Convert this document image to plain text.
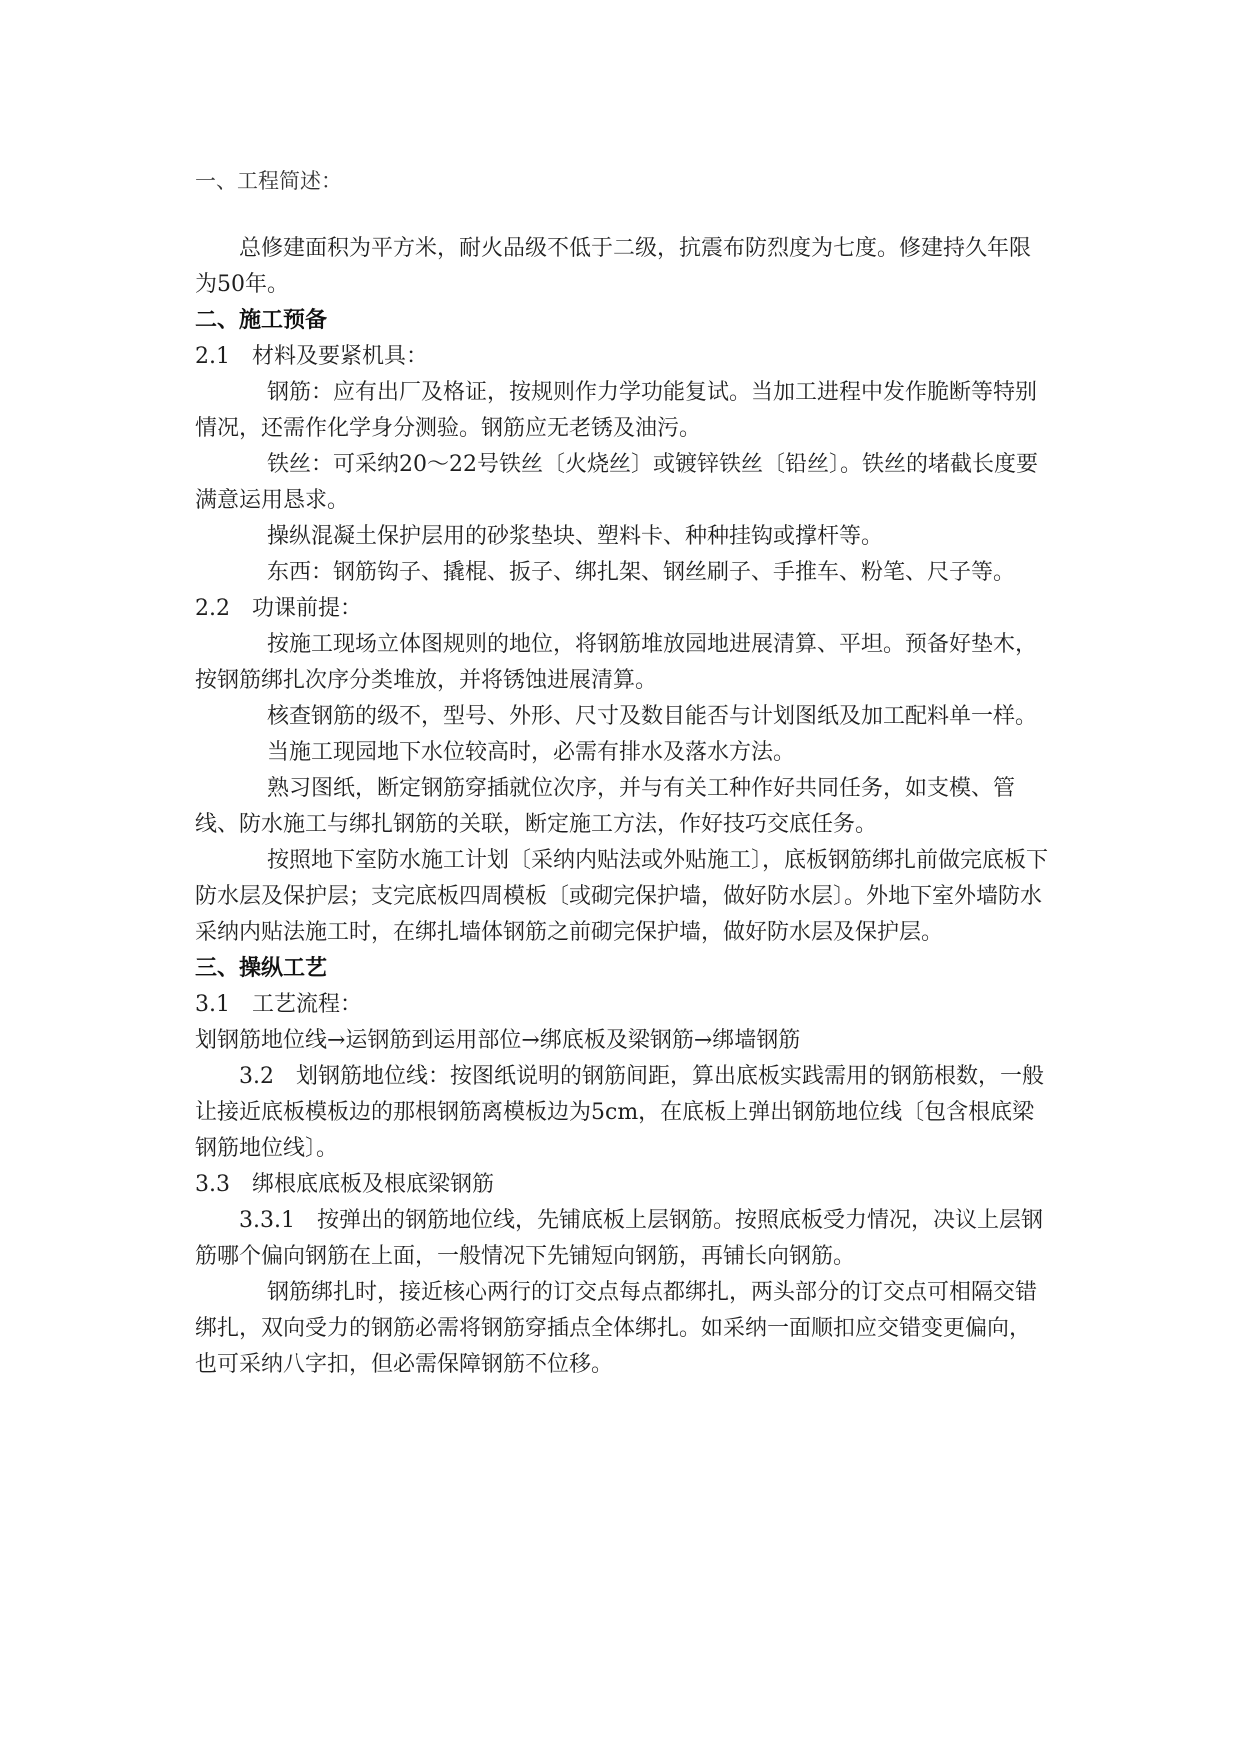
一、工程简述：

总修建面积为平方米，耐火品级不低于二级，抗震布防烈度为七度。修建持久年限为50年。

二、施工预备

2.1　材料及要紧机具：

钢筋：应有出厂及格证，按规则作力学功能复试。当加工进程中发作脆断等特别情况，还需作化学身分测验。钢筋应无老锈及油污。

铁丝：可采纳20～22号铁丝〔火烧丝〕或镀锌铁丝〔铅丝〕。铁丝的堵截长度要满意运用恳求。

操纵混凝土保护层用的砂浆垫块、塑料卡、种种挂钩或撑杆等。

东西：钢筋钩子、撬棍、扳子、绑扎架、钢丝刷子、手推车、粉笔、尺子等。

2.2　功课前提：

按施工现场立体图规则的地位，将钢筋堆放园地进展清算、平坦。预备好垫木，按钢筋绑扎次序分类堆放，并将锈蚀进展清算。

核查钢筋的级不，型号、外形、尺寸及数目能否与计划图纸及加工配料单一样。

当施工现园地下水位较高时，必需有排水及落水方法。

熟习图纸，断定钢筋穿插就位次序，并与有关工种作好共同任务，如支模、管线、防水施工与绑扎钢筋的关联，断定施工方法，作好技巧交底任务。

按照地下室防水施工计划〔采纳内贴法或外贴施工〕，底板钢筋绑扎前做完底板下防水层及保护层；支完底板四周模板〔或砌完保护墙，做好防水层〕。外地下室外墙防水采纳内贴法施工时，在绑扎墙体钢筋之前砌完保护墙，做好防水层及保护层。

三、操纵工艺

3.1　工艺流程：

划钢筋地位线→运钢筋到运用部位→绑底板及梁钢筋→绑墙钢筋

3.2　划钢筋地位线：按图纸说明的钢筋间距，算出底板实践需用的钢筋根数，一般让接近底板模板边的那根钢筋离模板边为5cm，在底板上弹出钢筋地位线〔包含根底梁钢筋地位线〕。

3.3　绑根底底板及根底梁钢筋

3.3.1　按弹出的钢筋地位线，先铺底板上层钢筋。按照底板受力情况，决议上层钢筋哪个偏向钢筋在上面，一般情况下先铺短向钢筋，再铺长向钢筋。

钢筋绑扎时，接近核心两行的订交点每点都绑扎，两头部分的订交点可相隔交错绑扎，双向受力的钢筋必需将钢筋穿插点全体绑扎。如采纳一面顺扣应交错变更偏向，也可采纳八字扣，但必需保障钢筋不位移。
